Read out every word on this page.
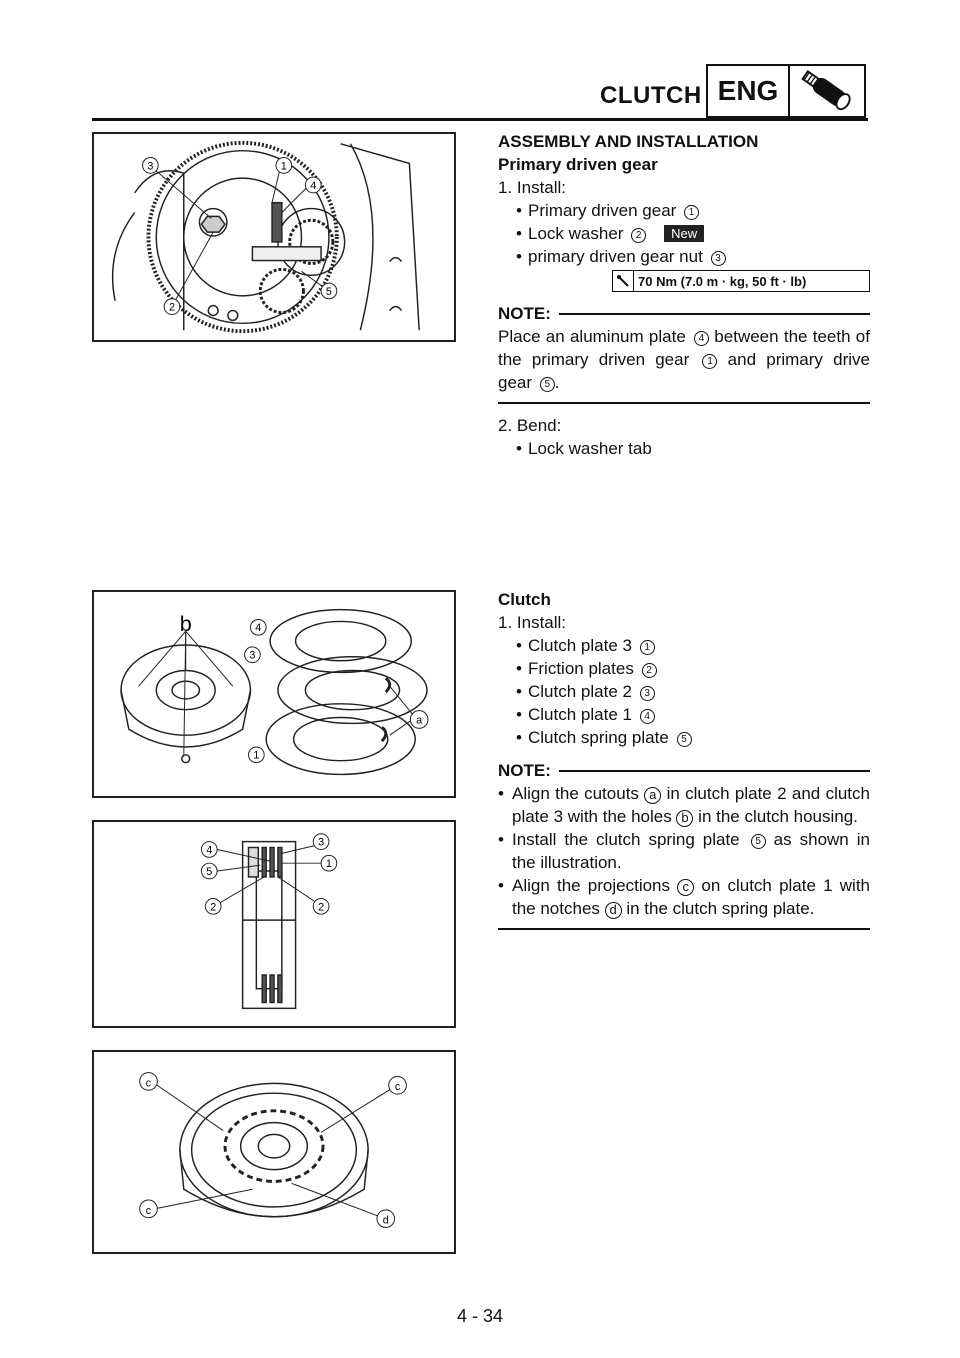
CLUTCH ENG
3	1
4
2
5
b	4
3
a
1
4
3
5
1
2	2
c	c
c
d
ASSEMBLY AND INSTALLATION
Primary driven gear
1. Install:
• Primary driven gear 1
• Lock washer 2 New
• primary driven gear nut 3
70 Nm (7.0 m · kg, 50 ft · lb)
NOTE:
Place an aluminum plate 4 between the teeth of the primary driven gear 1 and primary drive gear 5 .
2. Bend:
• Lock washer tab
Clutch
1. Install:
• Clutch plate 3 1
• Friction plates 2
• Clutch plate 2 3
• Clutch plate 1 4
• Clutch spring plate 5
NOTE:
• Align the cutouts a in clutch plate 2 and clutch plate 3 with the holes b in the clutch housing.
• Install the clutch spring plate 5 as shown in the illustration.
• Align the projections c on clutch plate 1 with the notches d in the clutch spring plate.
4 - 34
